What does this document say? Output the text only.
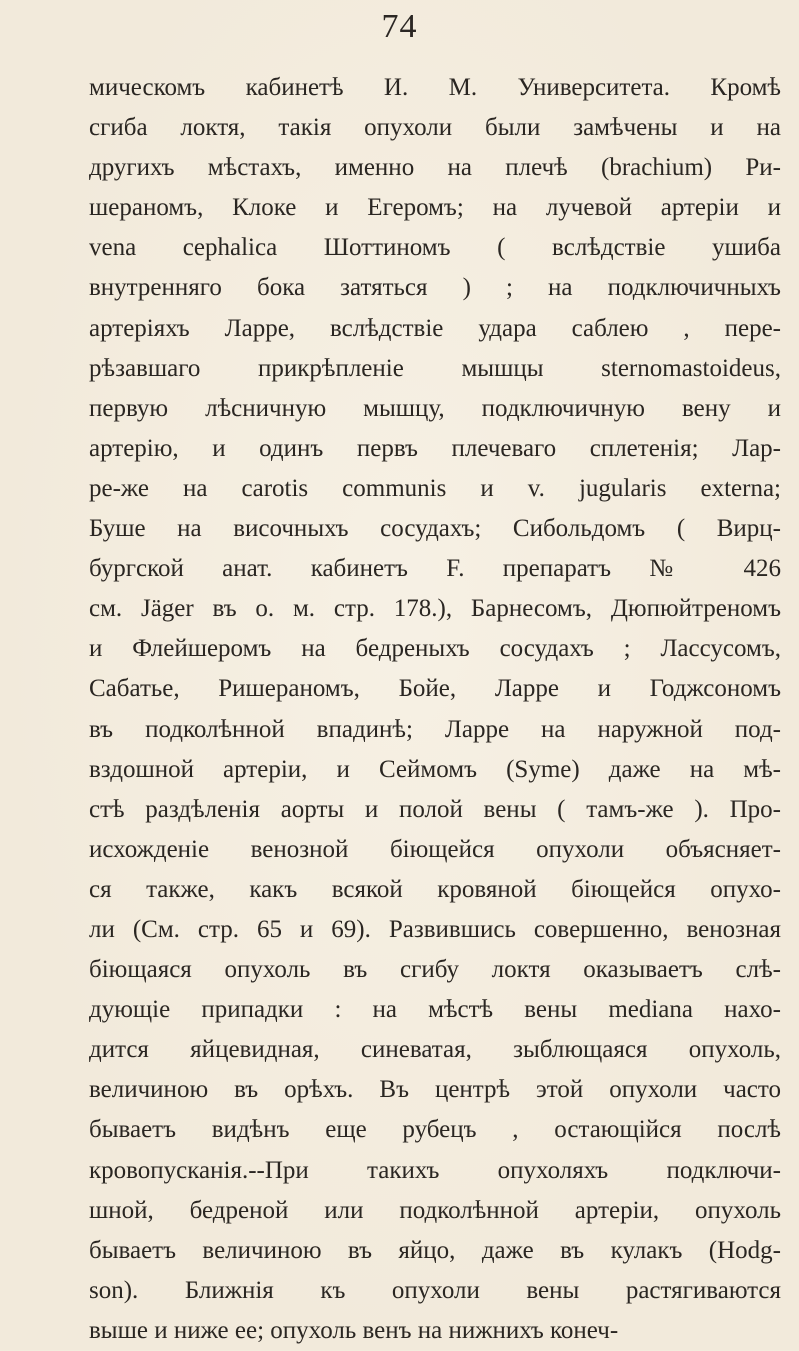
74
мическомъ кабинетѣ И. М. Университета. Кромѣ
сгиба локтя, такія опухоли были замѣчены и на
другихъ мѣстахъ, именно на плечѣ (brachium) Ри-
шераномъ, Клоке и Егеромъ; на лучевой артеріи и
vena cephalica Шоттиномъ ( вслѣдствіе ушиба
внутренняго бока затяться ) ; на подключичныхъ
артеріяхъ Ларре, вслѣдствіе удара саблею , пере-
рѣзавшаго прикрѣпленіе мышцы sternomastoideus,
первую лѣсничную мышцу, подключичную вену и
артерію, и одинъ первъ плечеваго сплетенія; Лар-
ре-же на carotis communis и v. jugularis externa;
Буше на височныхъ сосудахъ; Сибольдомъ ( Вирц-
бургской анат. кабинетъ F. препаратъ № 426
см. Jäger въ о. м. стр. 178.), Барнесомъ, Дюпюйтреномъ
и Флейшеромъ на бедреныхъ сосудахъ ; Лассусомъ,
Сабатье, Ришераномъ, Бойе, Ларре и Годжсономъ
въ подколѣнной впадинѣ; Ларре на наружной под-
вздошной артеріи, и Сеймомъ (Syme) даже на мѣ-
стѣ раздѣленія аорты и полой вены ( тамъ-же ). Про-
исхожденіе венозной біющейся опухоли объясняет-
ся также, какъ всякой кровяной біющейся опухо-
ли (См. стр. 65 и 69). Развившись совершенно, венозная
біющаяся опухоль въ сгибу локтя оказываетъ слѣ-
дующіе припадки : на мѣстѣ вены mediana нахо-
дится яйцевидная, синеватая, зыблющаяся опухоль,
величиною въ орѣхъ. Въ центрѣ этой опухоли часто
бываетъ видѣнъ еще рубецъ , остающійся послѣ
кровопусканія.--При такихъ опухоляхъ подключи-
шной, бедреной или подколѣнной артеріи, опухоль
бываетъ величиною въ яйцо, даже въ кулакъ (Hodg-
son). Ближнія къ опухоли вены растягиваются
выше и ниже ее; опухоль венъ на нижнихъ конеч-
